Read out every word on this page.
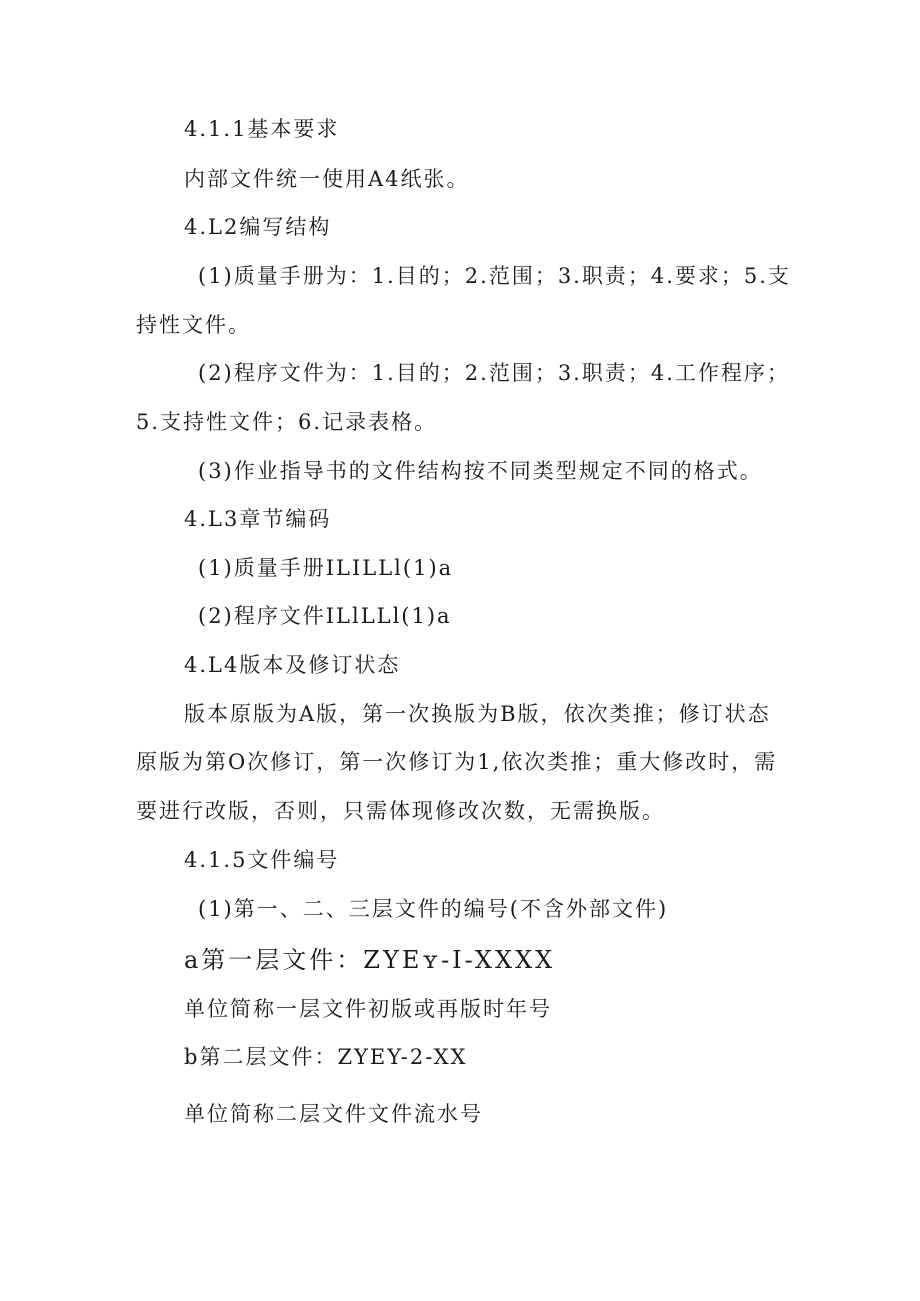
4.1.1基本要求
内部文件统一使用A4纸张。
4.L2编写结构
(1)质量手册为：1.目的；2.范围；3.职责；4.要求；5.支
持性文件。
(2)程序文件为：1.目的；2.范围；3.职责；4.工作程序；
5.支持性文件；6.记录表格。
(3)作业指导书的文件结构按不同类型规定不同的格式。
4.L3章节编码
(1)质量手册ILILLl(1)a
(2)程序文件ILlLLl(1)a
4.L4版本及修订状态
版本原版为A版，第一次换版为B版，依次类推；修订状态
原版为第O次修订，第一次修订为1,依次类推；重大修改时，需
要进行改版，否则，只需体现修改次数，无需换版。
4.1.5文件编号
(1)第一、二、三层文件的编号(不含外部文件)
a第一层文件：ZYEʏ-I-XXXX
单位简称一层文件初版或再版时年号
b第二层文件：ZYEY-2-XX
单位简称二层文件文件流水号
